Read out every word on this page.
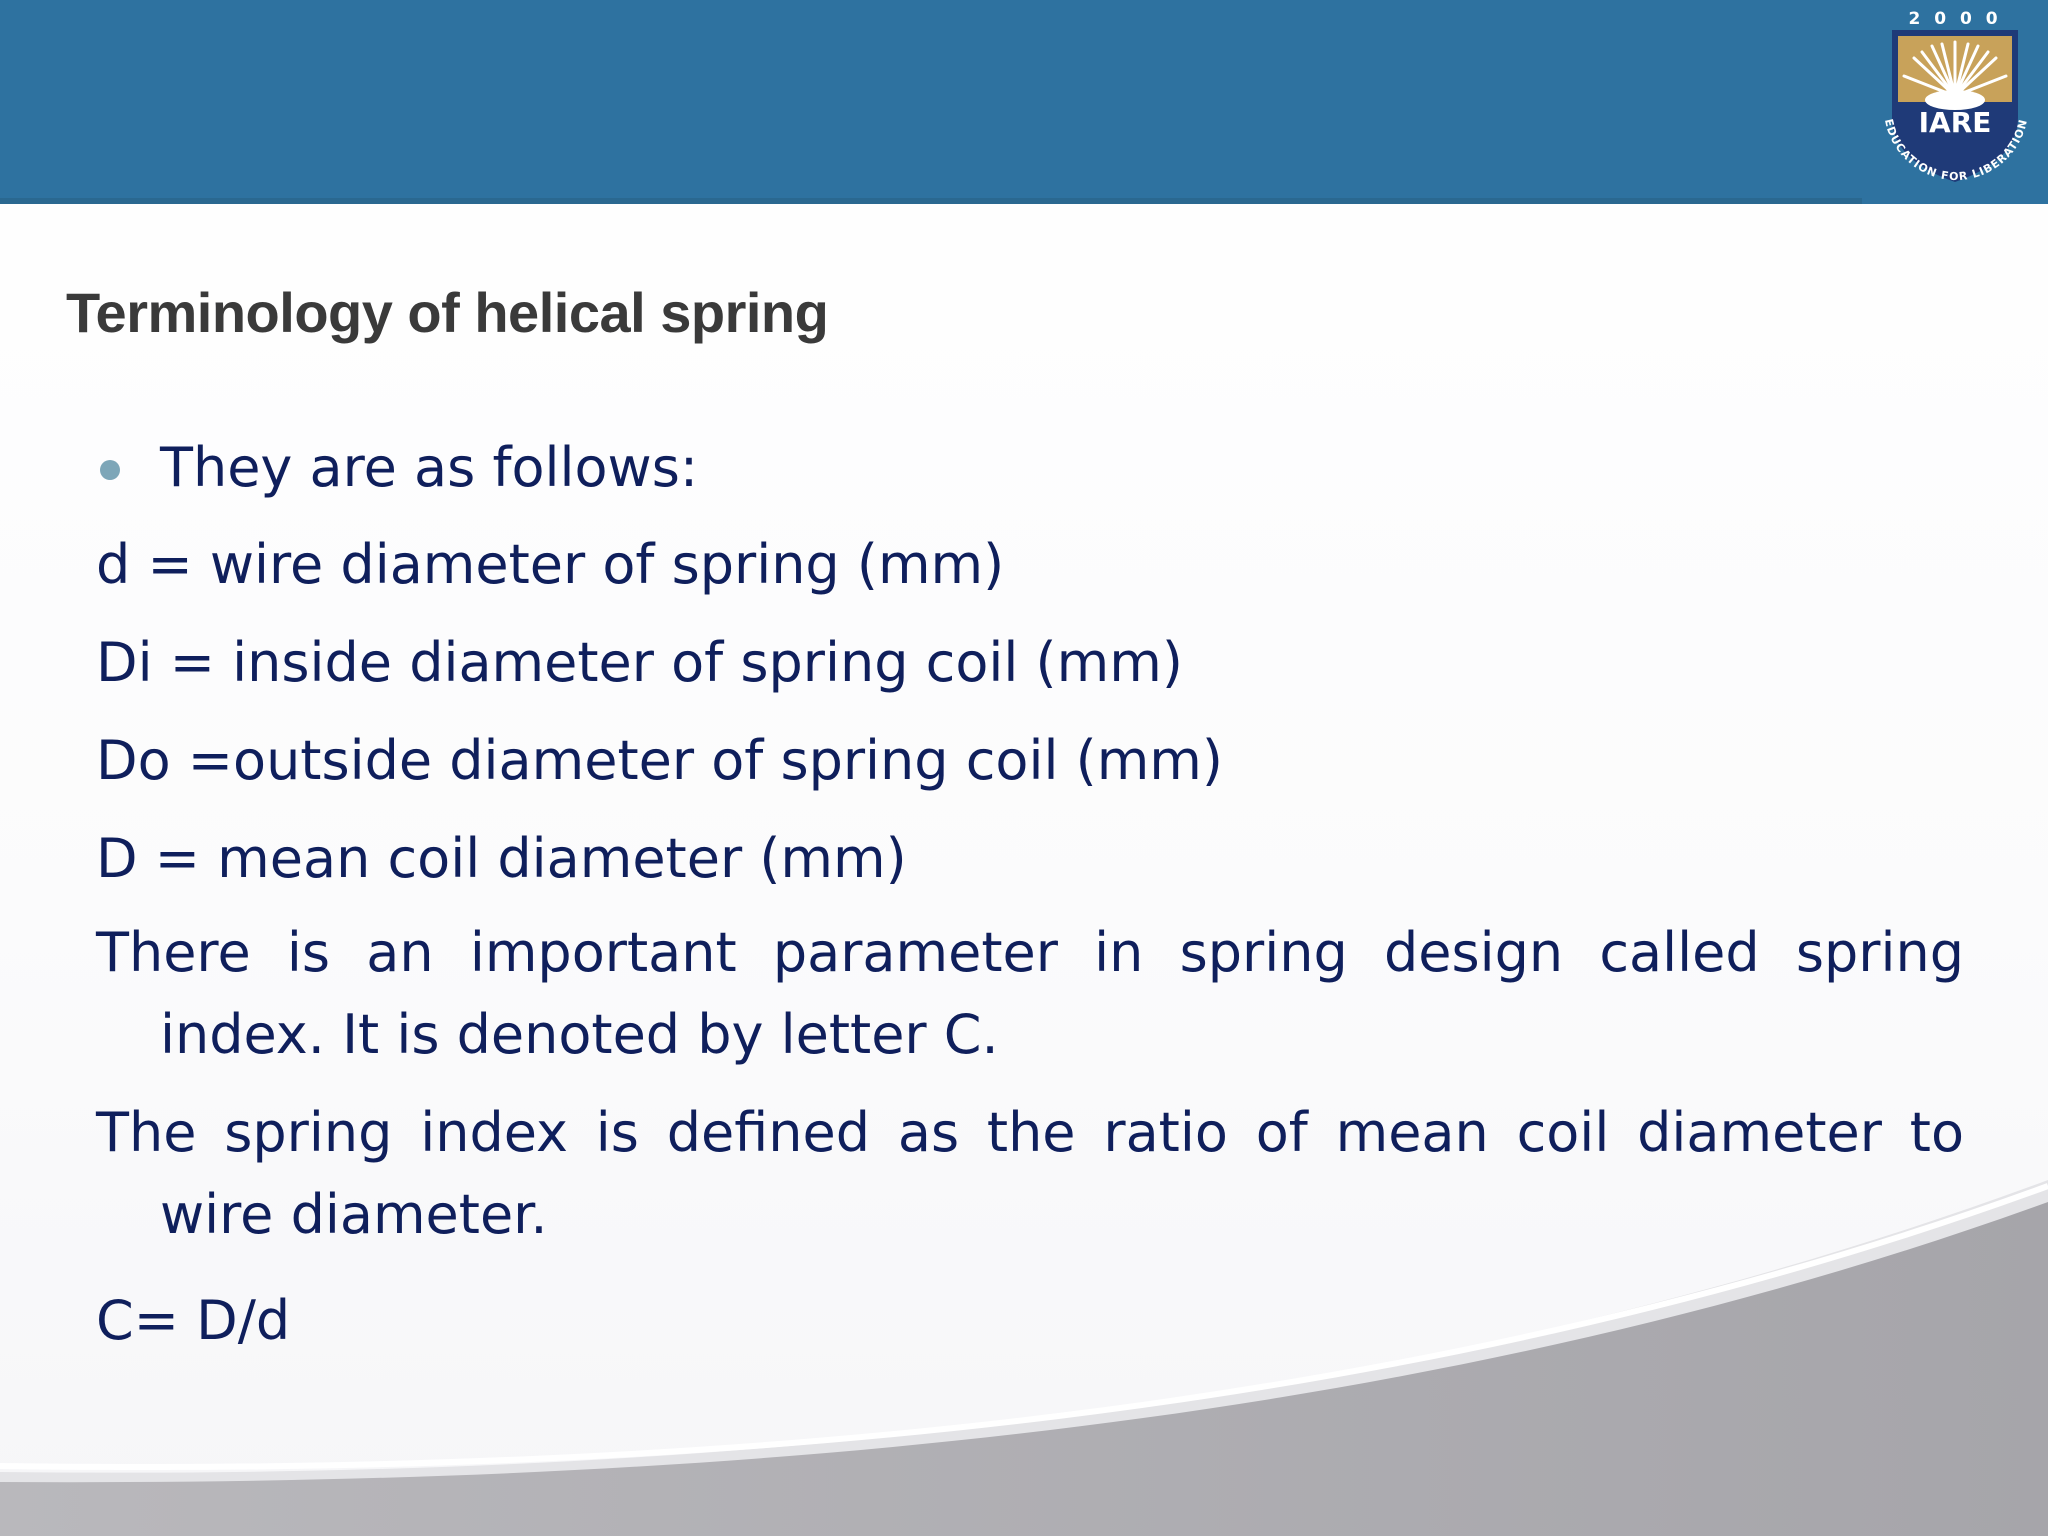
2 0 0 0
IARE
EDUCATION FOR LIBERATION
Terminology of helical spring
They are as follows:
d = wire diameter of spring (mm)
Di = inside diameter of spring coil (mm)
Do =outside diameter of spring coil (mm)
D = mean coil diameter (mm)
There is an important parameter in spring design called spring index. It is denoted by letter C.
The spring index is defined as the ratio of mean coil diameter to wire diameter.
C= D/d
